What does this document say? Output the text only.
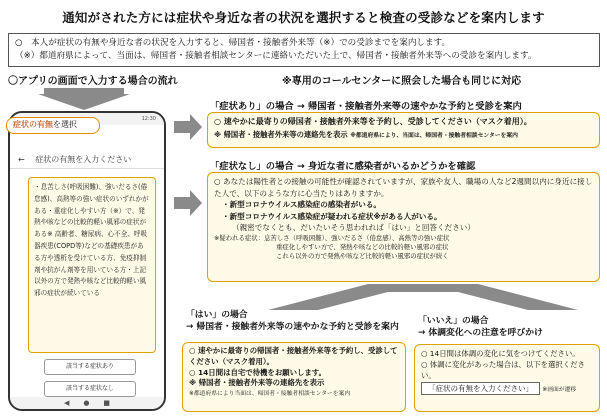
通知がされた方には症状や身近な者の状況を選択すると検査の受診などを案内します
○　本人が症状の有無や身近な者の状況を入力すると、帰国者・接触者外来等（※）での受診までを案内します。
（※）都道府県によって、当面は、帰国者・接触者相談センターに連絡いただいた上で、帰国者・接触者外来等への受診を案内します。
〇アプリの画面で入力する場合の流れ	※専用のコールセンターに照会した場合も同じに対応
12:30
← 症状の有無を入力ください
・息苦しさ(呼吸困難)、強いだるさ(倦怠感)、高熱等の強い症状のいずれかがある・重症化しやすい方（※）で、発熱や咳などの比較的軽い風邪の症状がある※ 高齢者、糖尿病、心不全、呼吸器疾患(COPD等)などの基礎疾患がある方や透析を受けている方、免疫抑制剤や抗がん剤等を用いている方・上記以外の方で発熱や咳など比較的軽い風邪の症状が続いている
該当する症状あり
該当する症状なし
◀　　●　　■
症状の有無を選択
「症状あり」の場合 → 帰国者・接触者外来等の速やかな予約と受診を案内
○ 速やかに最寄りの帰国者・接触者外来等を予約し、受診してください（マスク着用）。
※ 帰国者・接触者外来等の連絡先を表示 ※都道府県により、当面は、帰国者・接触者相談センターを案内
「症状なし」の場合 → 身近な者に感染者がいるかどうかを確認
○ あなたは陽性者との接触の可能性が確認されていますが、家族や友人、職場の人など2週間以内に身近に接した人で、以下のような方に心当たりはありますか。
・新型コロナウイルス感染症の感染者がいる。
・新型コロナウイルス感染症が疑われる症状※がある人がいる。
（親密でなくとも、だいたいそう思われれば「はい」と回答ください）
※疑われる症状：息苦しさ（呼吸困難）、強いだるさ（倦怠感）、高熱等の強い症状
重症化しやすい方で、発熱や咳などの比較的軽い風邪の症状
これら以外の方で発熱や咳など比較的軽い風邪の症状が続く
「はい」の場合
→ 帰国者・接触者外来等の速やかな予約と受診を案内
○ 速やかに最寄りの帰国者・接触者外来等を予約し、受診してください（マスク着用）。
○ 14日間は自宅で待機をお願いします。
※ 帰国者・接触者外来等の連絡先を表示
※都道府県により当面は、帰国者・接触者相談センターを案内
「いいえ」の場合
→ 体調変化への注意を呼びかけ
○ 14日間は体調の変化に気をつけてください。
○ 体調に変化があった場合は、以下を選択ください。
「症状の有無を入力ください」 ※画面が遷移
